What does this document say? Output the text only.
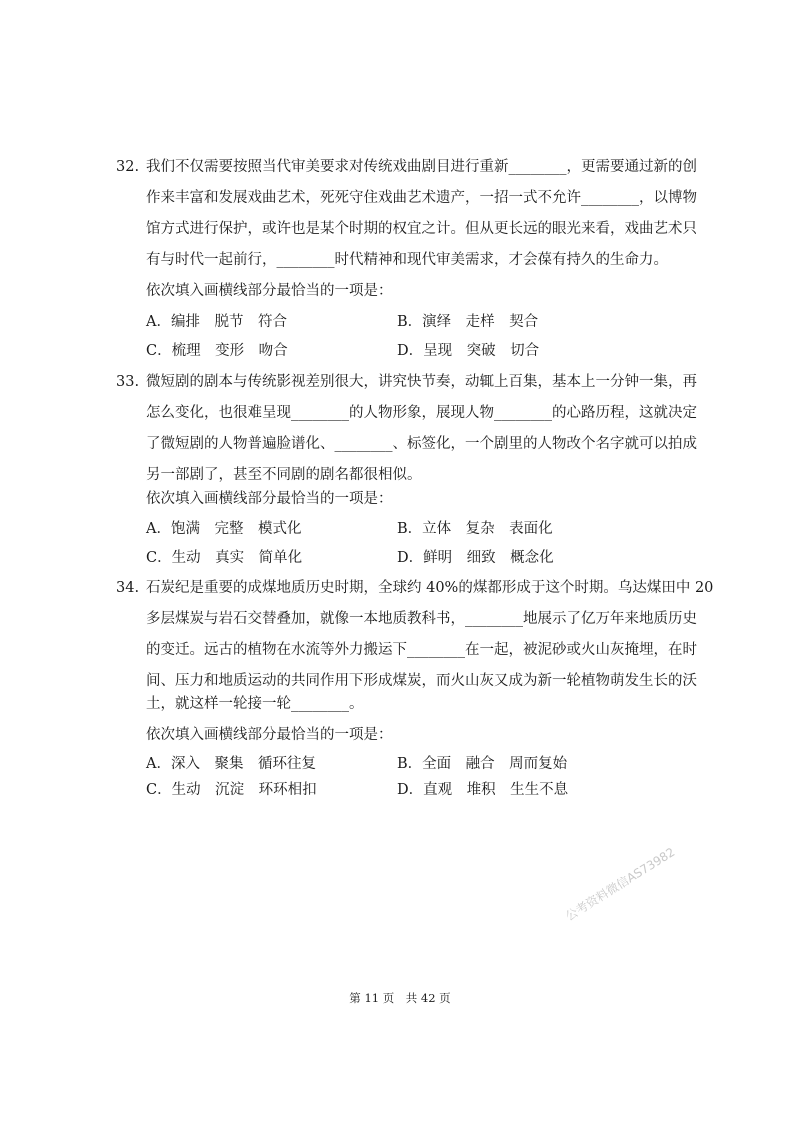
32. 我们不仅需要按照当代审美要求对传统戏曲剧目进行重新________，更需要通过新的创
作来丰富和发展戏曲艺术，死死守住戏曲艺术遗产，一招一式不允许________，以博物
馆方式进行保护，或许也是某个时期的权宜之计。但从更长远的眼光来看，戏曲艺术只
有与时代一起前行，________时代精神和现代审美需求，才会葆有持久的生命力。
依次填入画横线部分最恰当的一项是：
A．编排　脱节　符合	B．演绎　走样　契合
C．梳理　变形　吻合	D．呈现　突破　切合
33. 微短剧的剧本与传统影视差别很大，讲究快节奏，动辄上百集，基本上一分钟一集，再
怎么变化，也很难呈现________的人物形象，展现人物________的心路历程，这就决定
了微短剧的人物普遍脸谱化、________、标签化，一个剧里的人物改个名字就可以拍成
另一部剧了，甚至不同剧的剧名都很相似。
依次填入画横线部分最恰当的一项是：
A．饱满　完整　模式化	B．立体　复杂　表面化
C．生动　真实　简单化	D．鲜明　细致　概念化
34. 石炭纪是重要的成煤地质历史时期，全球约 40%的煤都形成于这个时期。乌达煤田中 20
多层煤炭与岩石交替叠加，就像一本地质教科书，________地展示了亿万年来地质历史
的变迁。远古的植物在水流等外力搬运下________在一起，被泥砂或火山灰掩埋，在时
间、压力和地质运动的共同作用下形成煤炭，而火山灰又成为新一轮植物萌发生长的沃
土，就这样一轮接一轮________。
依次填入画横线部分最恰当的一项是：
A．深入　聚集　循环往复	B．全面　融合　周而复始
C．生动　沉淀　环环相扣	D．直观　堆积　生生不息
公考资料微信AS73982
第 11 页　共 42 页
